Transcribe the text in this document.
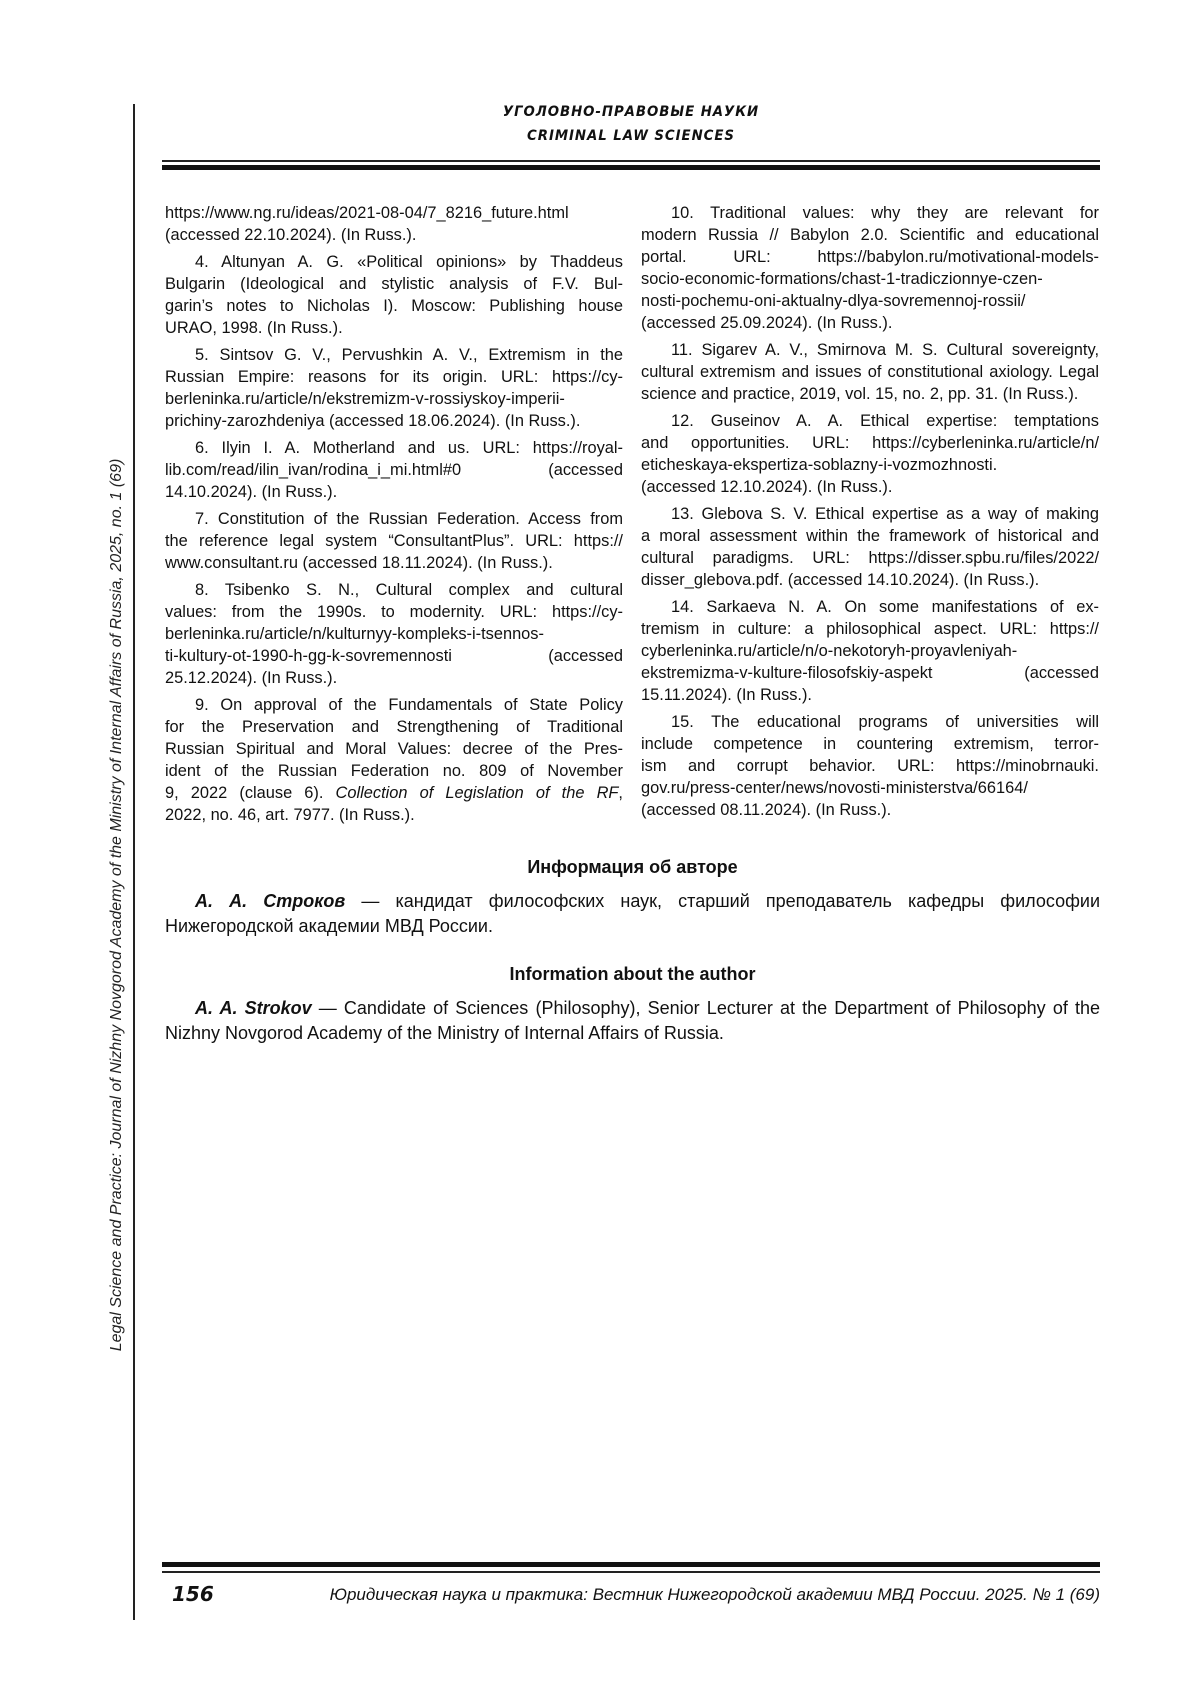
Legal Science and Practice: Journal of Nizhny Novgorod Academy of the Ministry of Internal Affairs of Russia, 2025, no. 1 (69)
УГОЛОВНО-ПРАВОВЫЕ НАУКИ
CRIMINAL LAW SCIENCES
https://www.ng.ru/ideas/2021-08-04/7_8216_future.html
(accessed 22.10.2024). (In Russ.).
4. Altunyan A. G. «Political opinions» by Thaddeus
Bulgarin (Ideological and stylistic analysis of F.V. Bul-
garin’s notes to Nicholas I). Moscow: Publishing house
URAO, 1998. (In Russ.).
5. Sintsov G. V., Pervushkin A. V., Extremism in the
Russian Empire: reasons for its origin. URL: https://cy-
berleninka.ru/article/n/ekstremizm-v-rossiyskoy-imperii-
prichiny-zarozhdeniya (accessed 18.06.2024). (In Russ.).
6. Ilyin I. A. Motherland and us. URL: https://royal-
lib.com/read/ilin_ivan/rodina_i_mi.html#0 (accessed
14.10.2024). (In Russ.).
7. Constitution of the Russian Federation. Access from
the reference legal system “ConsultantPlus”. URL: https://
www.consultant.ru (accessed 18.11.2024). (In Russ.).
8. Tsibenko S. N., Cultural complex and cultural
values: from the 1990s. to modernity. URL: https://cy-
berleninka.ru/article/n/kulturnyy-kompleks-i-tsennos-
ti-kultury-ot-1990-h-gg-k-sovremennosti (accessed
25.12.2024). (In Russ.).
9. On approval of the Fundamentals of State Policy
for the Preservation and Strengthening of Traditional
Russian Spiritual and Moral Values: decree of the Pres-
ident of the Russian Federation no. 809 of November
9, 2022 (clause 6). Collection of Legislation of the RF,
2022, no. 46, art. 7977. (In Russ.).
10. Traditional values: why they are relevant for
modern Russia // Babylon 2.0. Scientific and educational
portal. URL: https://babylon.ru/motivational-models-
socio-economic-formations/chast-1-tradiczionnye-czen-
nosti-pochemu-oni-aktualny-dlya-sovremennoj-rossii/
(accessed 25.09.2024). (In Russ.).
11. Sigarev A. V., Smirnova M. S. Cultural sovereignty,
cultural extremism and issues of constitutional axiology. Legal
science and practice, 2019, vol. 15, no. 2, pp. 31. (In Russ.).
12. Guseinov A. A. Ethical expertise: temptations
and opportunities. URL: https://cyberleninka.ru/article/n/
eticheskaya-ekspertiza-soblazny-i-vozmozhnosti.
(accessed 12.10.2024). (In Russ.).
13. Glebova S. V. Ethical expertise as a way of making
a moral assessment within the framework of historical and
cultural paradigms. URL: https://disser.spbu.ru/files/2022/
disser_glebova.pdf. (accessed 14.10.2024). (In Russ.).
14. Sarkaeva N. A. On some manifestations of ex-
tremism in culture: a philosophical aspect. URL: https://
cyberleninka.ru/article/n/o-nekotoryh-proyavleniyah-
ekstremizma-v-kulture-filosofskiy-aspekt (accessed
15.11.2024). (In Russ.).
15. The educational programs of universities will
include competence in countering extremism, terror-
ism and corrupt behavior. URL: https://minobrnauki.
gov.ru/press-center/news/novosti-ministerstva/66164/
(accessed 08.11.2024). (In Russ.).
Информация об авторе

А. А. Строков — кандидат философских наук, старший преподаватель кафедры философии Нижегородской академии МВД России.

Information about the author

A. A. Strokov — Candidate of Sciences (Philosophy), Senior Lecturer at the Department of Philoso­phy of the Nizhny Novgorod Academy of the Ministry of Internal Affairs of Russia.

156	Юридическая наука и практика: Вестник Нижегородской академии МВД России. 2025. № 1 (69)
